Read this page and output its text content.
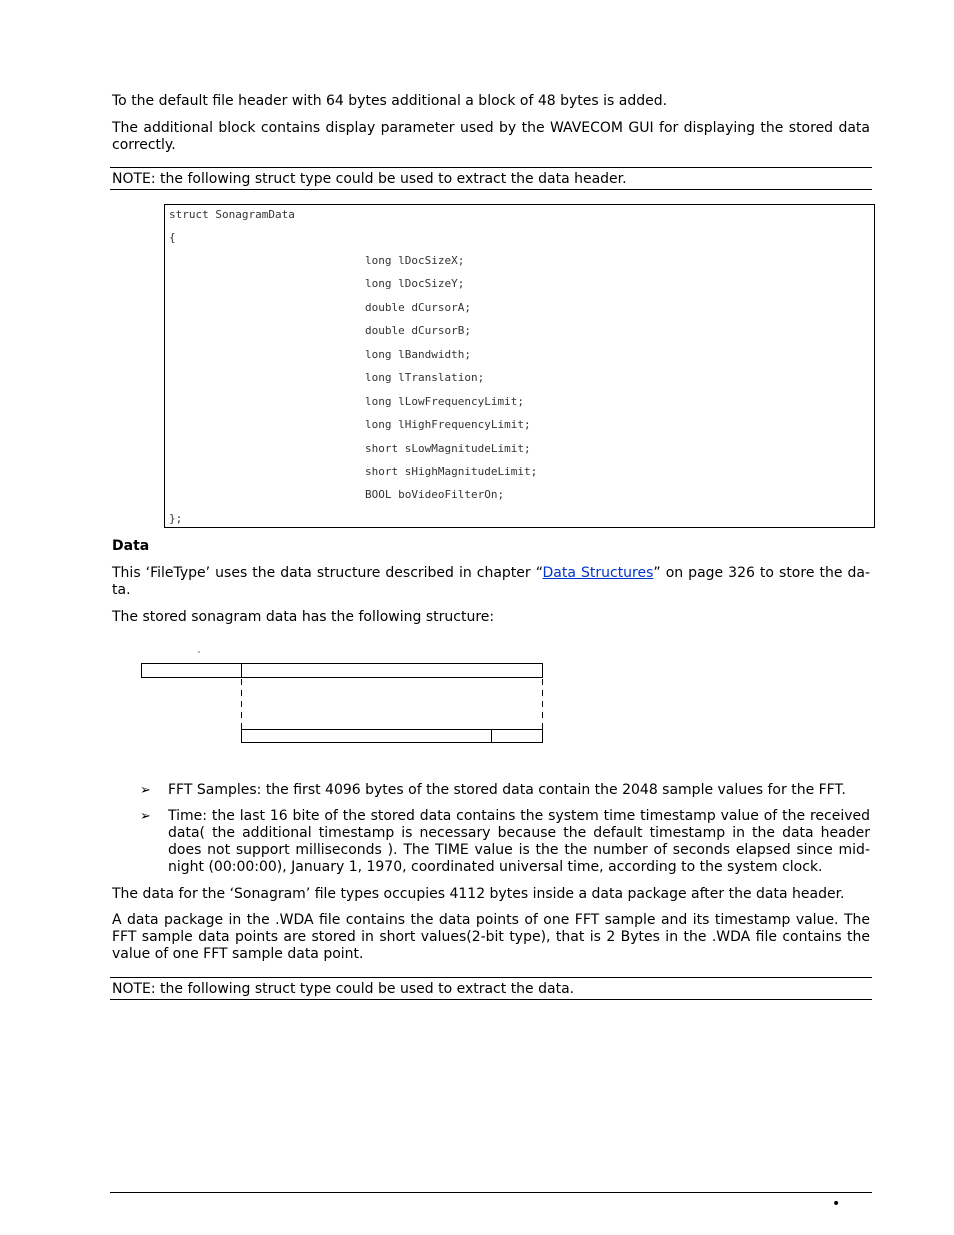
To the default file header with 64 bytes additional a block of 48 bytes is added.

The additional block contains display parameter used by the WAVECOM GUI for displaying the stored data correctly.

NOTE: the following struct type could be used to extract the data header.
struct SonagramData
{
long lDocSizeX;
long lDocSizeY;
double dCursorA;
double dCursorB;
long lBandwidth;
long lTranslation;
long lLowFrequencyLimit;
long lHighFrequencyLimit;
short sLowMagnitudeLimit;
short sHighMagnitudeLimit;
BOOL boVideoFilterOn;
};
Data

This ‘FileType’ uses the data structure described in chapter “Data Structures” on page 326 to store the da-ta.

The stored sonagram data has the following structure:

➢ FFT Samples: the first 4096 bytes of the stored data contain the 2048 sample values for the FFT.

➢ Time: the last 16 bite of the stored data contains the system time timestamp value of the received data( the additional timestamp is necessary because the default timestamp in the data header does not support milliseconds ). The TIME value is the the number of seconds elapsed since mid-night (00:00:00), January 1, 1970, coordinated universal time, according to the system clock.

The data for the ‘Sonagram’ file types occupies 4112 bytes inside a data package after the data header.

A data package in the .WDA file contains the data points of one FFT sample and its timestamp value. The FFT sample data points are stored in short values(2-bit type), that is 2 Bytes in the .WDA file contains the value of one FFT sample data point.

NOTE: the following struct type could be used to extract the data.
•
